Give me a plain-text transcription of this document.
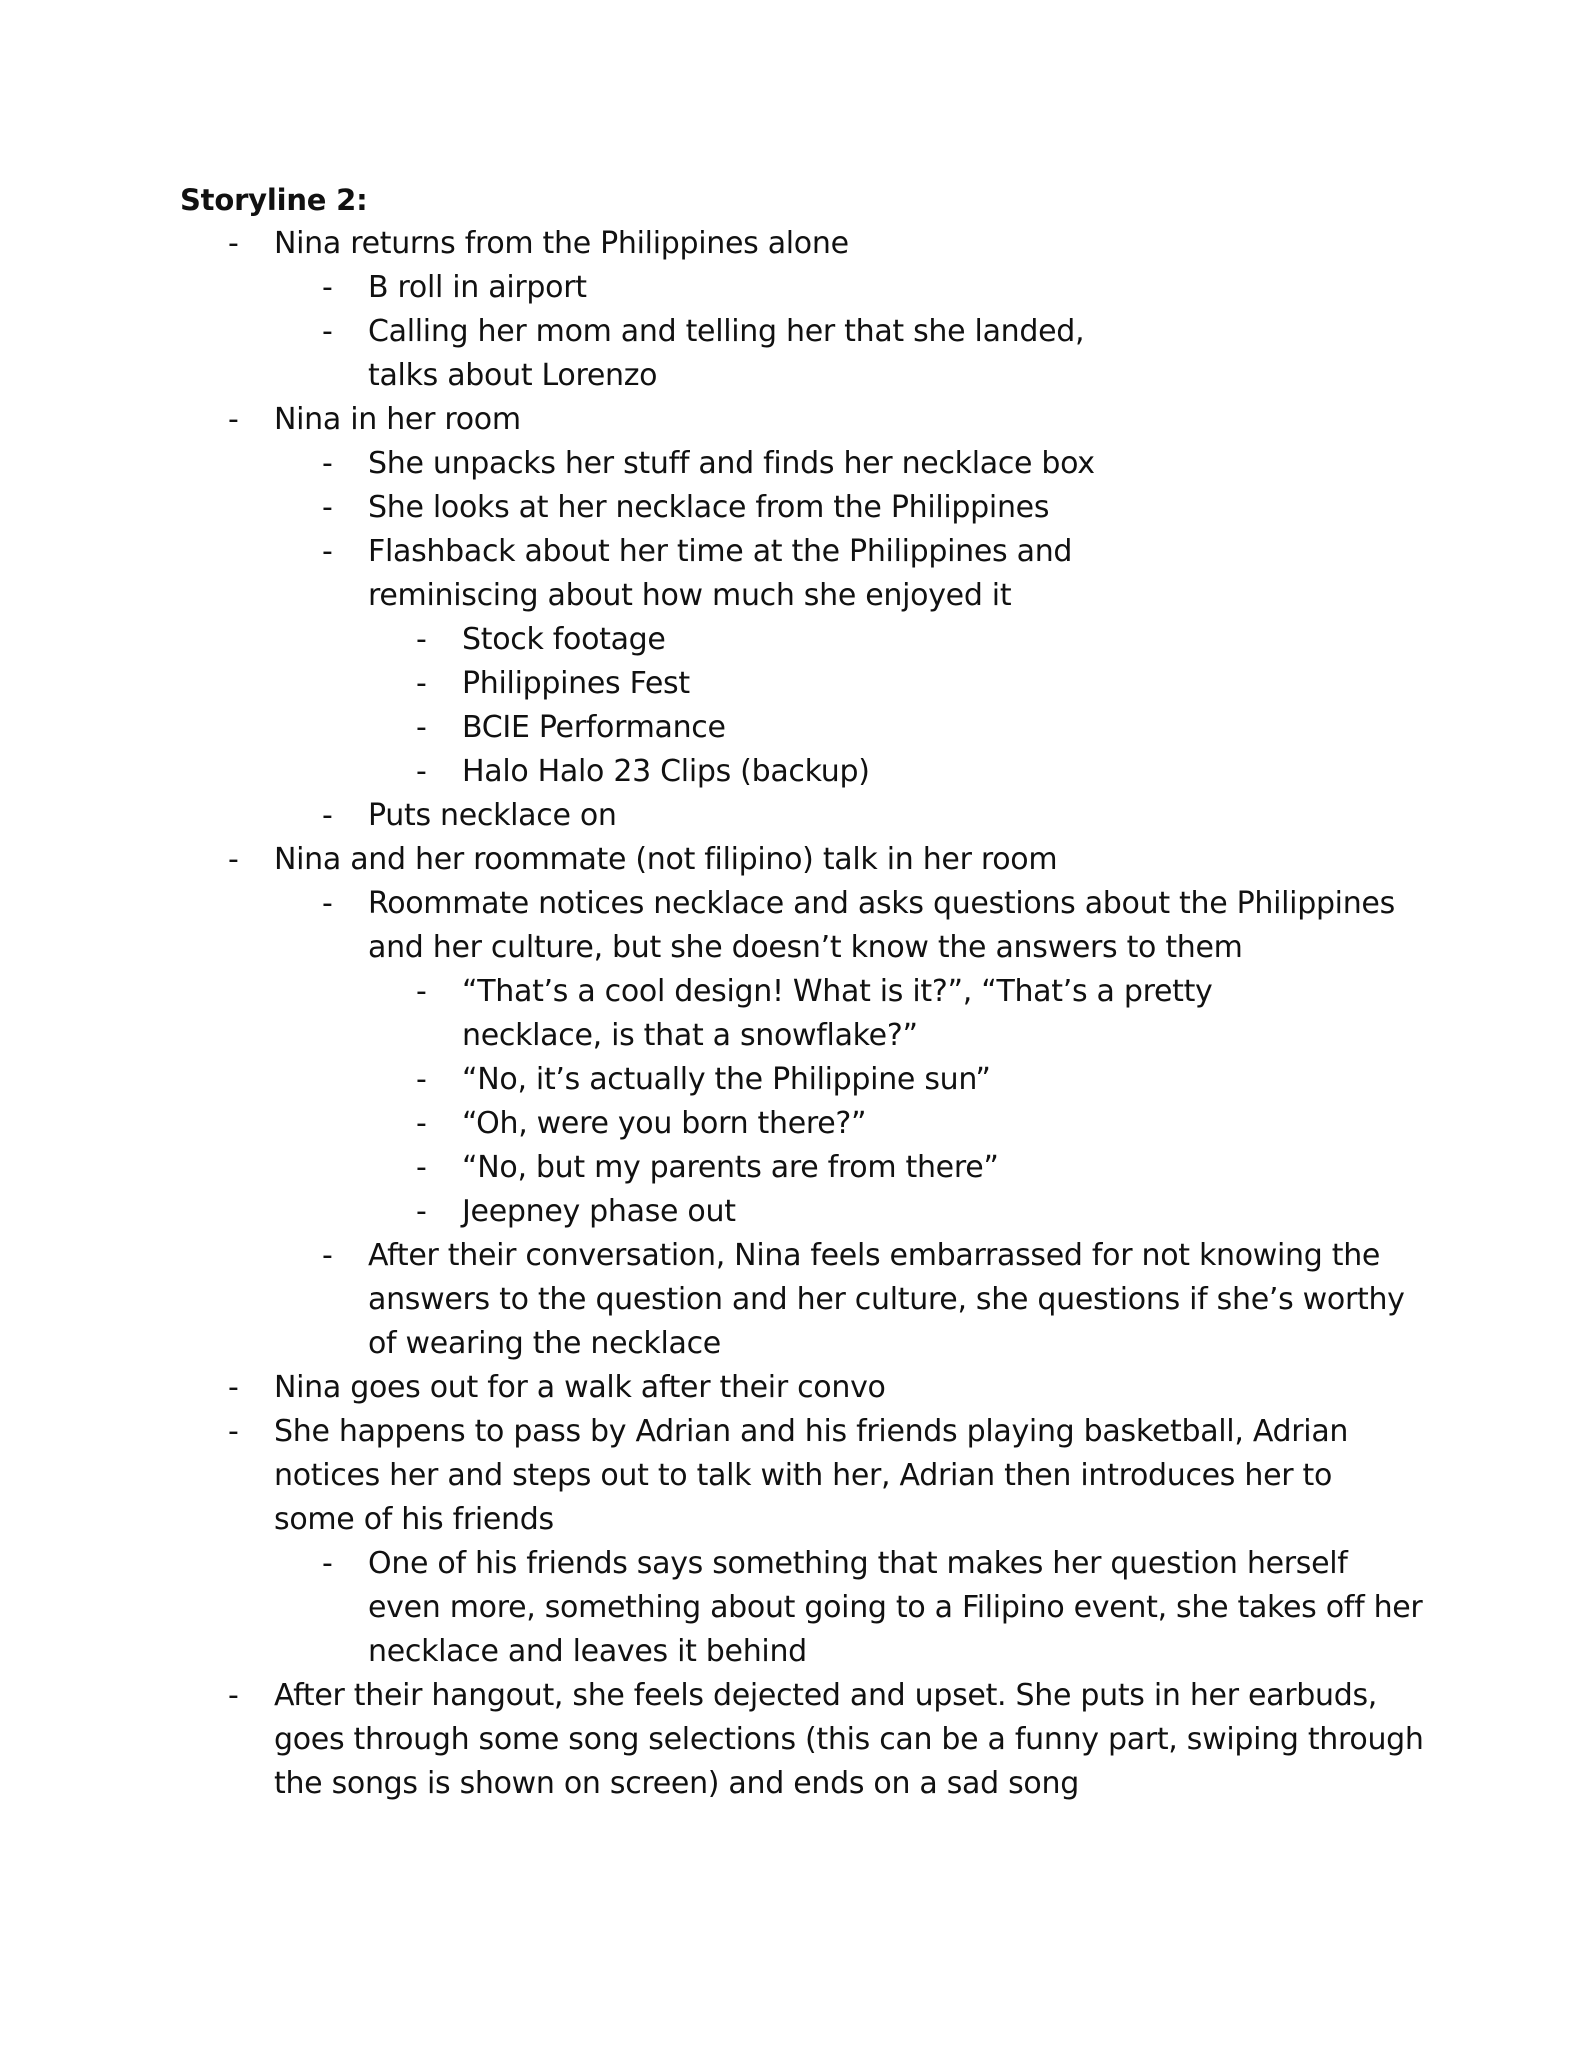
Storyline 2:

-	Nina returns from the Philippines alone
-	B roll in airport
-	Calling her mom and telling her that she landed, talks about Lorenzo
-	Nina in her room
-	She unpacks her stuff and finds her necklace box
-	She looks at her necklace from the Philippines
-	Flashback about her time at the Philippines and reminiscing about how much she enjoyed it
-	Stock footage
-	Philippines Fest
-	BCIE Performance
-	Halo Halo 23 Clips (backup)
-	Puts necklace on
-	Nina and her roommate (not filipino) talk in her room
-	Roommate notices necklace and asks questions about the Philippines and her culture, but she doesn’t know the answers to them
-	“That’s a cool design! What is it?”, “That’s a pretty necklace, is that a snowflake?”
-	“No, it’s actually the Philippine sun”
-	“Oh, were you born there?”
-	“No, but my parents are from there”
-	Jeepney phase out
-	After their conversation, Nina feels embarrassed for not knowing the answers to the question and her culture, she questions if she’s worthy of wearing the necklace
-	Nina goes out for a walk after their convo
-	She happens to pass by Adrian and his friends playing basketball, Adrian notices her and steps out to talk with her, Adrian then introduces her to some of his friends
-	One of his friends says something that makes her question herself even more, something about going to a Filipino event, she takes off her necklace and leaves it behind
-	After their hangout, she feels dejected and upset. She puts in her earbuds, goes through some song selections (this can be a funny part, swiping through the songs is shown on screen) and ends on a sad song
